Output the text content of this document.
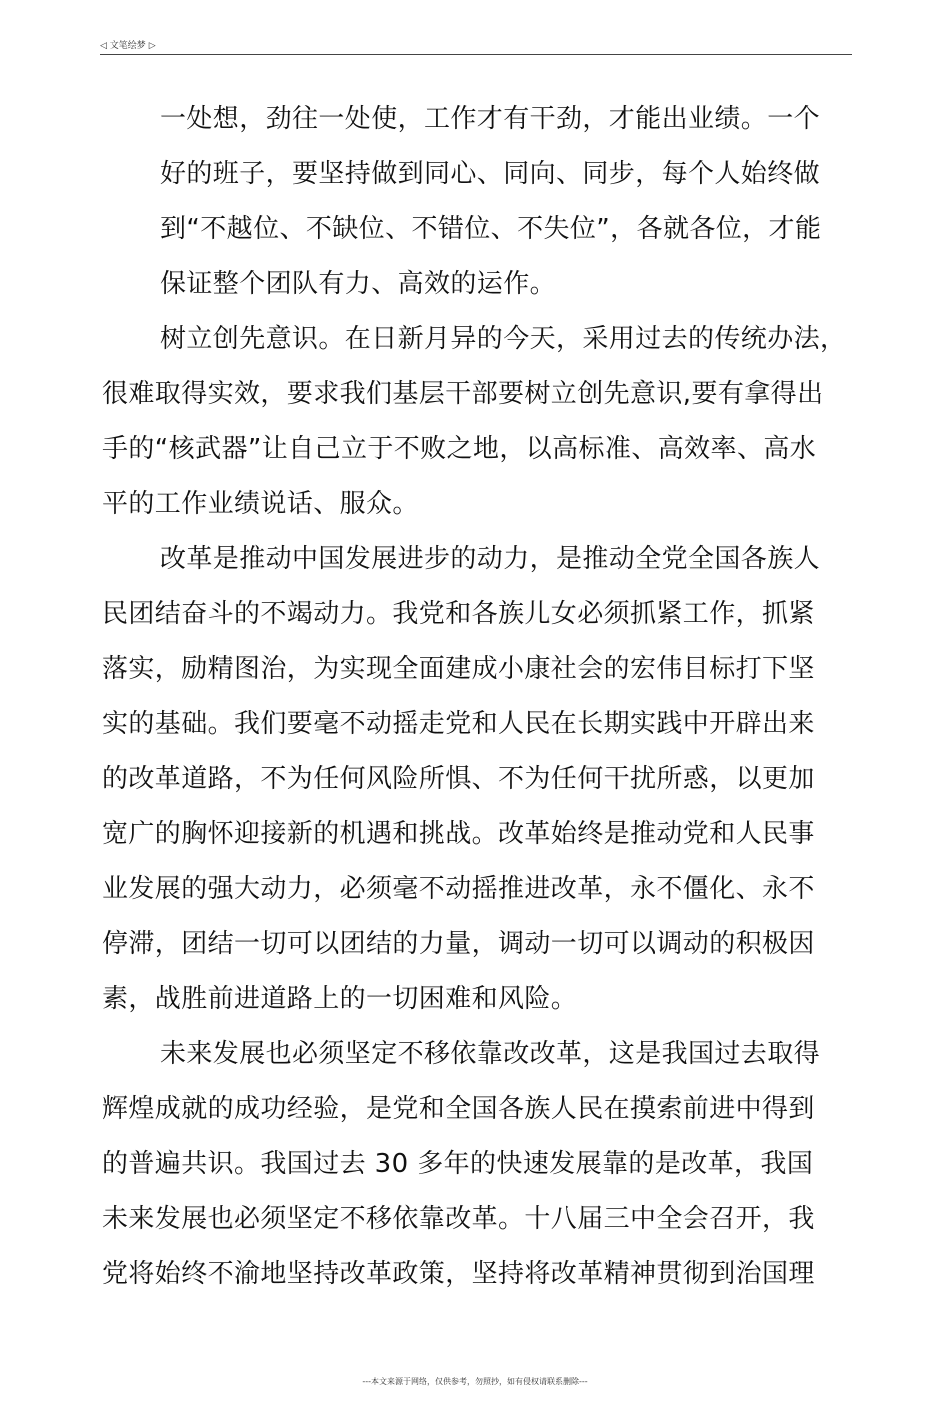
◁ 文笔绘梦 ▷

一处想，劲往一处使，工作才有干劲，才能出业绩。一个
好的班子，要坚持做到同心、同向、同步，每个人始终做
到“不越位、不缺位、不错位、不失位”，各就各位，才能
保证整个团队有力、高效的运作。

树立创先意识。在日新月异的今天，采用过去的传统办法，
很难取得实效，要求我们基层干部要树立创先意识,要有拿得出
手的“核武器”让自己立于不败之地，以高标准、高效率、高水
平的工作业绩说话、服众。

改革是推动中国发展进步的动力，是推动全党全国各族人
民团结奋斗的不竭动力。我党和各族儿女必须抓紧工作，抓紧
落实，励精图治，为实现全面建成小康社会的宏伟目标打下坚
实的基础。我们要毫不动摇走党和人民在长期实践中开辟出来
的改革道路，不为任何风险所惧、不为任何干扰所惑，以更加
宽广的胸怀迎接新的机遇和挑战。改革始终是推动党和人民事
业发展的强大动力，必须毫不动摇推进改革，永不僵化、永不
停滞，团结一切可以团结的力量，调动一切可以调动的积极因
素，战胜前进道路上的一切困难和风险。

未来发展也必须坚定不移依靠改改革，这是我国过去取得
辉煌成就的成功经验，是党和全国各族人民在摸索前进中得到
的普遍共识。我国过去 30 多年的快速发展靠的是改革，我国
未来发展也必须坚定不移依靠改革。十八届三中全会召开，我
党将始终不渝地坚持改革政策，坚持将改革精神贯彻到治国理

---本文来源于网络，仅供参考，勿照抄，如有侵权请联系删除---
